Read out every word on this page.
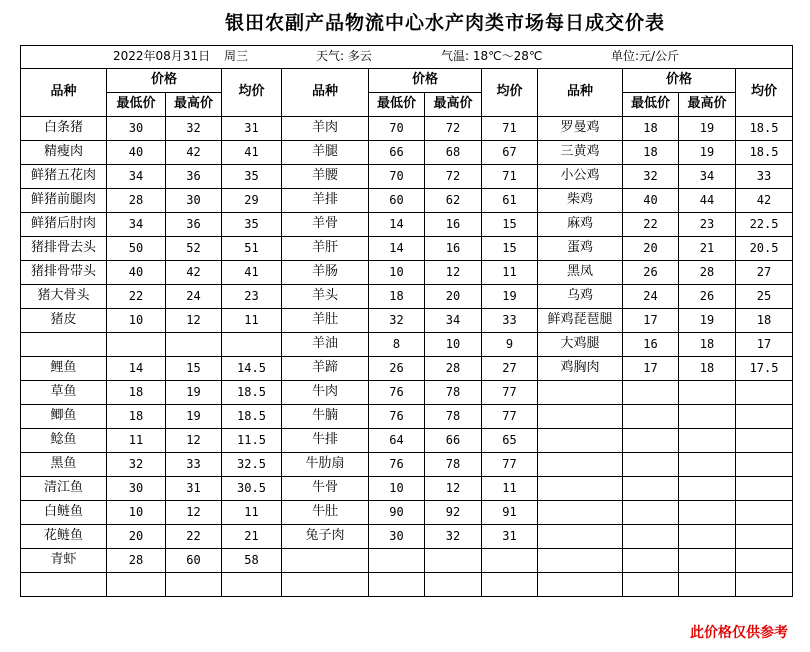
银田农副产品物流中心水产肉类市场每日成交价表
2022年08月31日 周三 天气: 多云 气温: 18℃～28℃ 单位:元/公斤											

品种	价格		均价	品种	价格		均价	品种	价格		均价
	最低价	最高价			最低价	最高价			最低价	最高价	
白条猪	30	32	31	羊肉	70	72	71	罗曼鸡	18	19	18.5
精瘦肉	40	42	41	羊腿	66	68	67	三黄鸡	18	19	18.5
鲜猪五花肉	34	36	35	羊腰	70	72	71	小公鸡	32	34	33
鲜猪前腿肉	28	30	29	羊排	60	62	61	柴鸡	40	44	42
鲜猪后肘肉	34	36	35	羊骨	14	16	15	麻鸡	22	23	22.5
猪排骨去头	50	52	51	羊肝	14	16	15	蛋鸡	20	21	20.5
猪排骨带头	40	42	41	羊肠	10	12	11	黑凤	26	28	27
猪大骨头	22	24	23	羊头	18	20	19	乌鸡	24	26	25
猪皮	10	12	11	羊肚	32	34	33	鲜鸡琵琶腿	17	19	18
				羊油	8	10	9	大鸡腿	16	18	17
鲤鱼	14	15	14.5	羊蹄	26	28	27	鸡胸肉	17	18	17.5
草鱼	18	19	18.5	牛肉	76	78	77				
鲫鱼	18	19	18.5	牛腩	76	78	77				
鲶鱼	11	12	11.5	牛排	64	66	65				
黑鱼	32	33	32.5	牛肋扇	76	78	77				
清江鱼	30	31	30.5	牛骨	10	12	11				
白鲢鱼	10	12	11	牛肚	90	92	91				
花鲢鱼	20	22	21	兔子肉	30	32	31				
青虾	28	60	58								

此价格仅供参考
